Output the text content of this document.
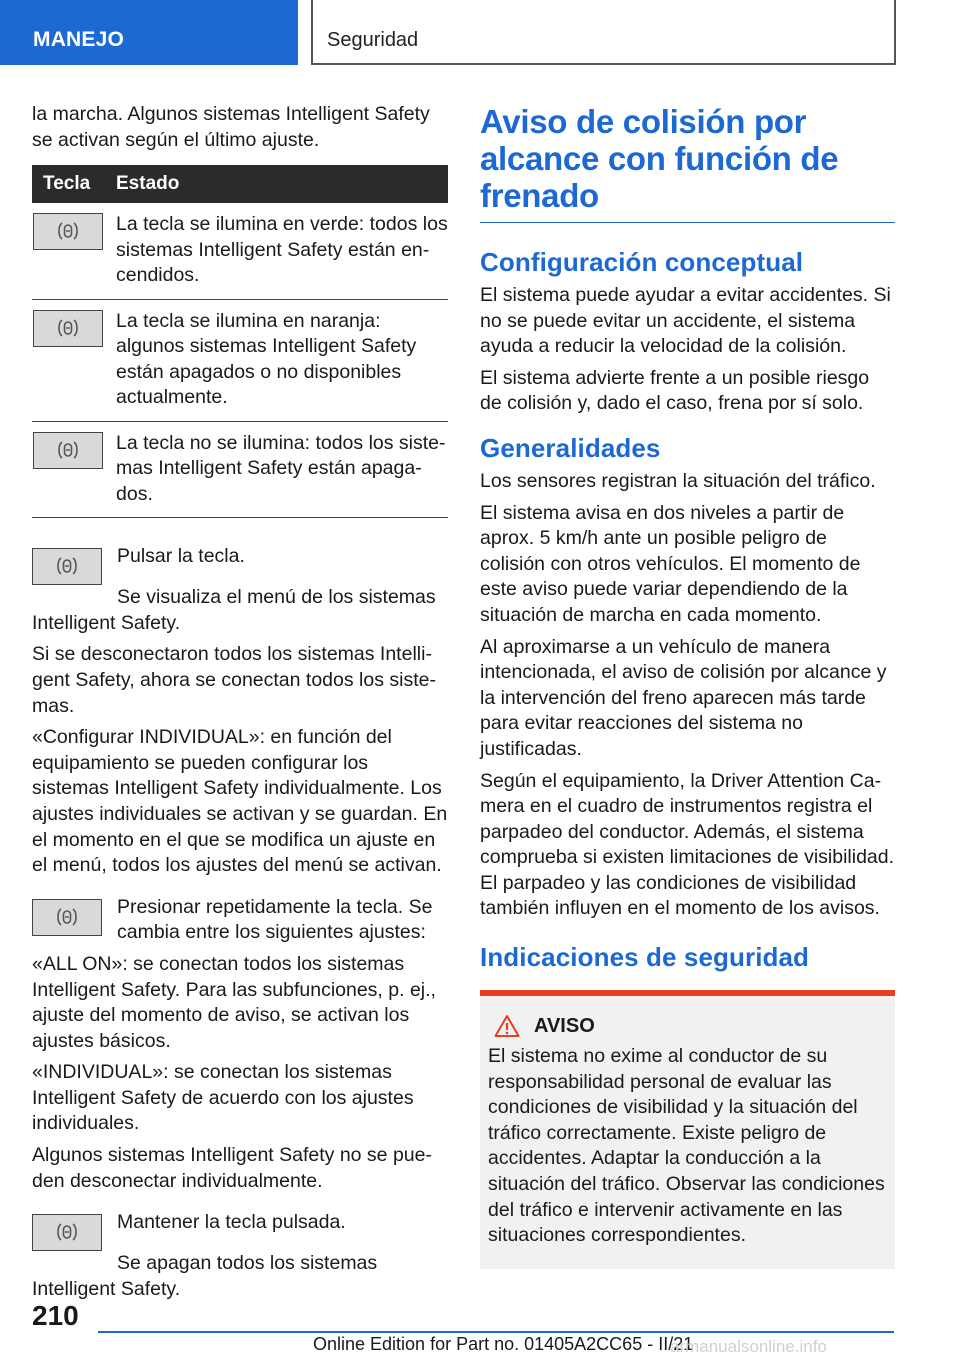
MANEJO	Seguridad

la marcha. Algunos sistemas Intelligent Safety se activan según el último ajuste.

Tecla	Estado
La tecla se ilumina en verde: todos los sistemas Intelligent Safety están encendidos.
La tecla se ilumina en naranja: algunos sistemas Intelligent Safety están apagados o no disponibles actualmente.
La tecla no se ilumina: todos los sistemas Intelligent Safety están apagados.

Pulsar la tecla.

Se visualiza el menú de los sistemas Intelligent Safety.

Si se desconectaron todos los sistemas Intelligent Safety, ahora se conectan todos los sistemas.

«Configurar INDIVIDUAL»: en función del equipamiento se pueden configurar los sistemas Intelligent Safety individualmente. Los ajustes individuales se activan y se guardan. En el momento en el que se modifica un ajuste en el menú, todos los ajustes del menú se activan.

Presionar repetidamente la tecla. Se cambia entre los siguientes ajustes:

«ALL ON»: se conectan todos los sistemas Intelligent Safety. Para las subfunciones, p. ej., ajuste del momento de aviso, se activan los ajustes básicos.

«INDIVIDUAL»: se conectan los sistemas Intelligent Safety de acuerdo con los ajustes individuales.

Algunos sistemas Intelligent Safety no se pueden desconectar individualmente.

Mantener la tecla pulsada.

Se apagan todos los sistemas Intelligent Safety.

Aviso de colisión por alcance con función de frenado
Configuración conceptual

El sistema puede ayudar a evitar accidentes. Si no se puede evitar un accidente, el sistema ayuda a reducir la velocidad de la colisión.

El sistema advierte frente a un posible riesgo de colisión y, dado el caso, frena por sí solo.

Generalidades

Los sensores registran la situación del tráfico.

El sistema avisa en dos niveles a partir de aprox. 5 km/h ante un posible peligro de colisión con otros vehículos. El momento de este aviso puede variar dependiendo de la situación de marcha en cada momento.

Al aproximarse a un vehículo de manera intencionada, el aviso de colisión por alcance y la intervención del freno aparecen más tarde para evitar reacciones del sistema no justificadas.

Según el equipamiento, la Driver Attention Camera en el cuadro de instrumentos registra el parpadeo del conductor. Además, el sistema comprueba si existen limitaciones de visibilidad. El parpadeo y las condiciones de visibilidad también influyen en el momento de los avisos.

Indicaciones de seguridad
AVISO

El sistema no exime al conductor de su responsabilidad personal de evaluar las condiciones de visibilidad y la situación del tráfico correctamente. Existe peligro de accidentes. Adaptar la conducción a la situación del tráfico. Observar las condiciones del tráfico e intervenir activamente en las situaciones correspondientes.

210
Online Edition for Part no. 01405A2CC65 - II/21
armanualsonline.info
